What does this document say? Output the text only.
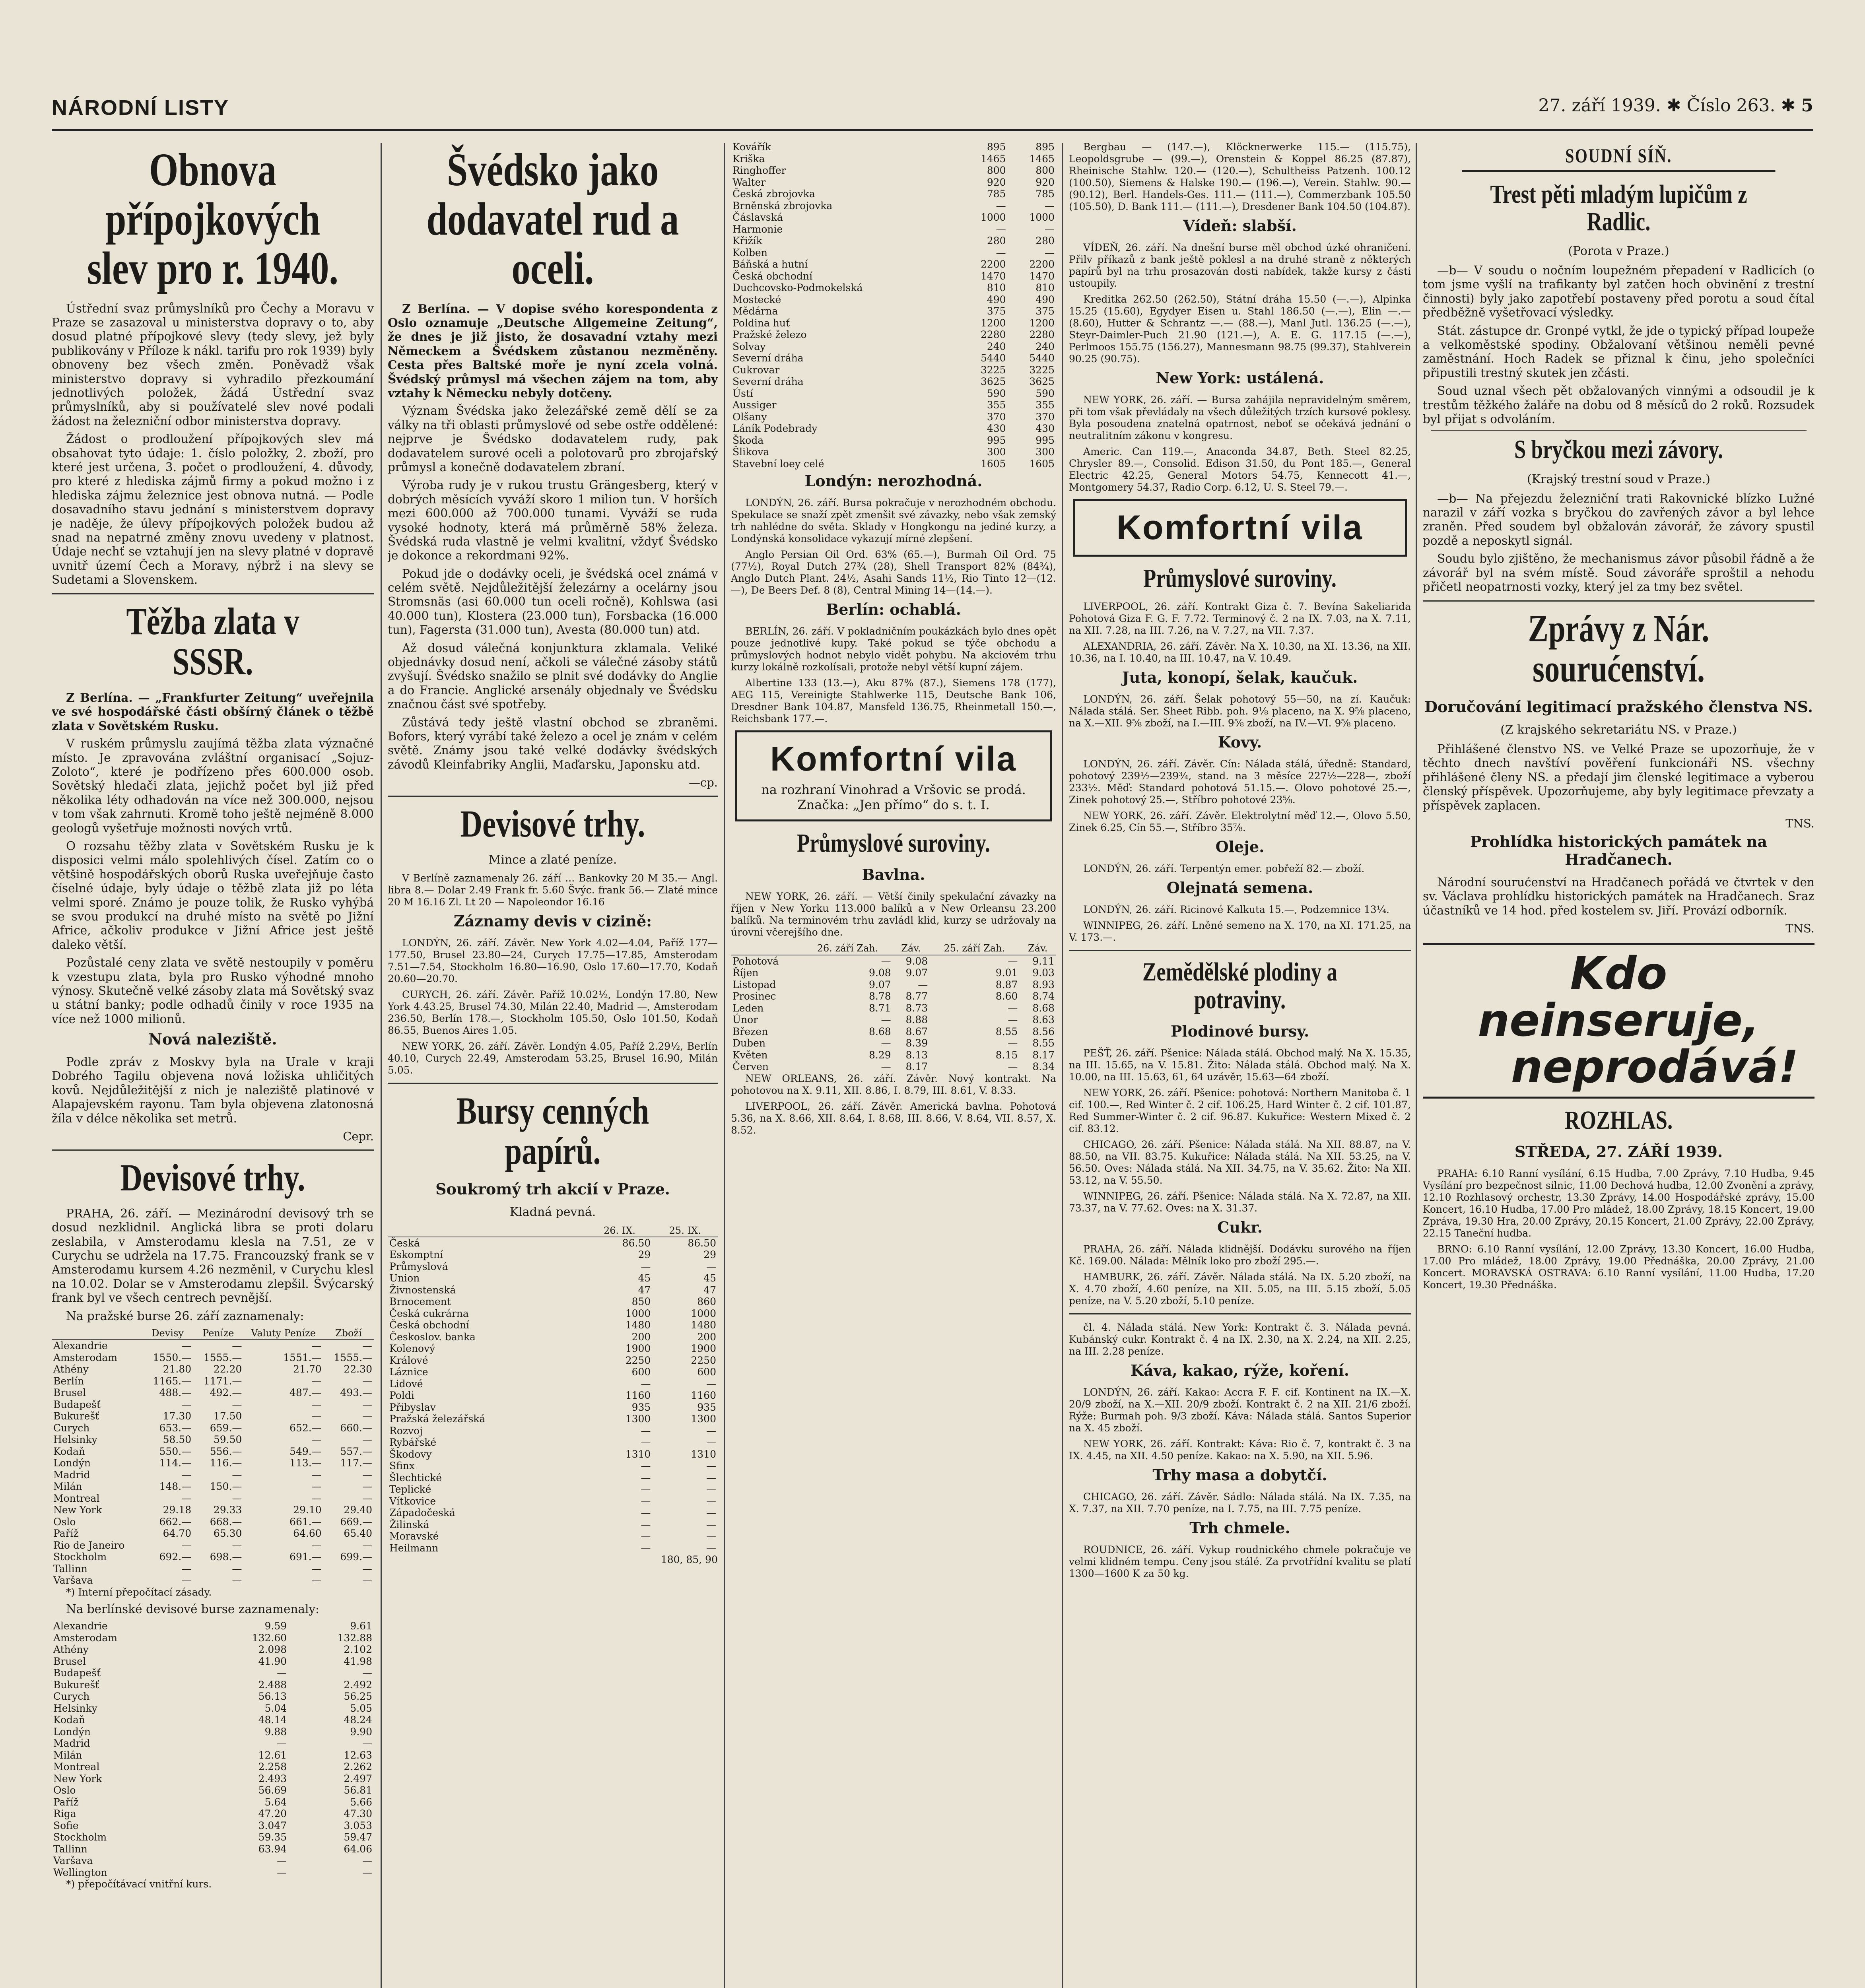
NÁRODNÍ LISTY	27. září 1939. ✱ Číslo 263. ✱ 5
Obnova přípojkových slev pro r. 1940.

Ústřední svaz průmyslníků pro Čechy a Moravu v Praze se zasazoval u ministerstva dopravy o to, aby dosud platné přípojkové slevy (tedy slevy, jež byly publikovány v Příloze k nákl. tarifu pro rok 1939) byly obnoveny bez všech změn. Poněvadž však ministerstvo dopravy si vyhradilo přezkoumání jednotlivých položek, žádá Ústřední svaz průmyslníků, aby si používatelé slev nové podali žádost na železniční odbor ministerstva dopravy.

Žádost o prodloužení přípojkových slev má obsahovat tyto údaje: 1. číslo položky, 2. zboží, pro které jest určena, 3. počet o prodloužení, 4. důvody, pro které z hlediska zájmů firmy a pokud možno i z hlediska zájmu železnice jest obnova nutná. — Podle dosavadního stavu jednání s ministerstvem dopravy je naděje, že úlevy přípojkových položek budou až snad na nepatrné změny znovu uvedeny v platnost. Údaje nechť se vztahují jen na slevy platné v dopravě uvnitř území Čech a Moravy, nýbrž i na slevy se Sudetami a Slovenskem.

Těžba zlata v SSSR.

Z Berlína. — „Frankfurter Zeitung“ uveřejnila ve své hospodářské části obšírný článek o těžbě zlata v Sovětském Rusku.

V ruském průmyslu zaujímá těžba zlata význačné místo. Je zpravována zvláštní organisací „Sojuz-Zoloto“, které je podřízeno přes 600.000 osob. Sovětský hledači zlata, jejichž počet byl již před několika léty odhadován na více než 300.000, nejsou v tom však zahrnuti. Kromě toho ještě nejméně 8.000 geologů vyšetřuje možnosti nových vrtů.

O rozsahu těžby zlata v Sovětském Rusku je k disposici velmi málo spolehlivých čísel. Zatím co o většině hospodářských oborů Ruska uveřejňuje často číselné údaje, byly údaje o těžbě zlata již po léta velmi sporé. Známo je pouze tolik, že Rusko vyhýbá se svou produkcí na druhé místo na světě po Jižní Africe, ačkoliv produkce v Jižní Africe jest ještě daleko větší.

Pozůstalé ceny zlata ve světě nestoupily v poměru k vzestupu zlata, byla pro Rusko výhodné mnoho výnosy. Skutečně velké zásoby zlata má Sovětský svaz u státní banky; podle odhadů činily v roce 1935 na více než 1000 milionů.

Nová naleziště.

Podle zpráv z Moskvy byla na Urale v kraji Dobrého Tagilu objevena nová ložiska uhličitých kovů. Nejdůležitější z nich je naleziště platinové v Alapajevském rayonu. Tam byla objevena zlatonosná žíla v délce několika set metrů.

Cepr.
Devisové trhy.

PRAHA, 26. září. — Mezinárodní devisový trh se dosud nezklidnil. Anglická libra se proti dolaru zeslabila, v Amsterodamu klesla na 7.51, ze v Curychu se udržela na 17.75. Francouzský frank se v Amsterodamu kursem 4.26 nezměnil, v Curychu klesl na 10.02. Dolar se v Amsterodamu zlepšil. Švýcarský frank byl ve všech centrech pevnější.

Na pražské burse 26. září zaznamenaly:

	Devisy	Peníze	Valuty Peníze	Zboží
Alexandrie	—	—	—	—
Amsterodam	1550.—	1555.—	1551.—	1555.—
Athény	21.80	22.20	21.70	22.30
Berlín	1165.—	1171.—	—	—
Brusel	488.—	492.—	487.—	493.—
Budapešť	—	—	—	—
Bukurešť	17.30	17.50	—	—
Curych	653.—	659.—	652.—	660.—
Helsinky	58.50	59.50	—	—
Kodaň	550.—	556.—	549.—	557.—
Londýn	114.—	116.—	113.—	117.—
Madrid	—	—	—	—
Milán	148.—	150.—	—	—
Montreal	—	—	—	—
New York	29.18	29.33	29.10	29.40
Oslo	662.—	668.—	661.—	669.—
Paříž	64.70	65.30	64.60	65.40
Rio de Janeiro	—	—	—	—
Stockholm	692.—	698.—	691.—	699.—
Tallinn	—	—	—	—
Varšava	—	—	—	—

*) Interní přepočítací zásady.

Na berlínské devisové burse zaznamenaly:

Alexandrie	9.59	9.61
Amsterodam	132.60	132.88
Athény	2.098	2.102
Brusel	41.90	41.98
Budapešť	—	—
Bukurešť	2.488	2.492
Curych	56.13	56.25
Helsinky	5.04	5.05
Kodaň	48.14	48.24
Londýn	9.88	9.90
Madrid	—	—
Milán	12.61	12.63
Montreal	2.258	2.262
New York	2.493	2.497
Oslo	56.69	56.81
Paříž	5.64	5.66
Riga	47.20	47.30
Sofie	3.047	3.053
Stockholm	59.35	59.47
Tallinn	63.94	64.06
Varšava	—	—
Wellington	—	—

*) přepočítávací vnitřní kurs.

Švédsko jako dodavatel rud a oceli.

Z Berlína. — V dopise svého korespondenta z Oslo oznamuje „Deutsche Allgemeine Zeitung“, že dnes je již jisto, že dosavadní vztahy mezi Německem a Švédskem zůstanou nezměněny. Cesta přes Baltské moře je nyní zcela volná. Švédský průmysl má všechen zájem na tom, aby vztahy k Německu nebyly dotčeny.

Význam Švédska jako železářské země dělí se za války na tři oblasti průmyslové od sebe ostře oddělené: nejprve je Švédsko dodavatelem rudy, pak dodavatelem surové oceli a polotovarů pro zbrojařský průmysl a konečně dodavatelem zbraní.

Výroba rudy je v rukou trustu Grängesberg, který v dobrých měsících vyváží skoro 1 milion tun. V horších mezi 600.000 až 700.000 tunami. Vyváží se ruda vysoké hodnoty, která má průměrně 58% železa. Švédská ruda vlastně je velmi kvalitní, vždyť Švédsko je dokonce a rekordmani 92%.

Pokud jde o dodávky oceli, je švédská ocel známá v celém světě. Nejdůležitější železárny a ocelárny jsou Stromsnäs (asi 60.000 tun oceli ročně), Kohlswa (asi 40.000 tun), Klostera (23.000 tun), Forsbacka (16.000 tun), Fagersta (31.000 tun), Avesta (80.000 tun) atd.

Až dosud válečná konjunktura zklamala. Veliké objednávky dosud není, ačkoli se válečné zásoby států zvyšují. Švédsko snažilo se plnit své dodávky do Anglie a do Francie. Anglické arsenály objednaly ve Švédsku značnou část své spotřeby.

Zůstává tedy ještě vlastní obchod se zbraněmi. Bofors, který vyrábí také železo a ocel je znám v celém světě. Známy jsou také velké dodávky švédských závodů Kleinfabriky Anglii, Maďarsku, Japonsku atd.

—cp.
Devisové trhy.
Mince a zlaté peníze.

V Berlíně zaznamenaly 26. září ... Bankovky 20 M 35.— Angl. libra 8.— Dolar 2.49 Frank fr. 5.60 Švýc. frank 56.— Zlaté mince 20 M 16.16 Zl. Lt 20 — Napoleondor 16.16

Záznamy devis v cizině:

LONDÝN, 26. září. Závěr. New York 4.02—4.04, Paříž 177—177.50, Brusel 23.80—24, Curych 17.75—17.85, Amsterodam 7.51—7.54, Stockholm 16.80—16.90, Oslo 17.60—17.70, Kodaň 20.60—20.70.

CURYCH, 26. září. Závěr. Paříž 10.02½, Londýn 17.80, New York 4.43.25, Brusel 74.30, Milán 22.40, Madrid —, Amsterodam 236.50, Berlín 178.—, Stockholm 105.50, Oslo 101.50, Kodaň 86.55, Buenos Aires 1.05.

NEW YORK, 26. září. Závěr. Londýn 4.05, Paříž 2.29½, Berlín 40.10, Curych 22.49, Amsterodam 53.25, Brusel 16.90, Milán 5.05.

Bursy cenných papírů.
Soukromý trh akcií v Praze.
Kladná pevná.
	26. IX.	25. IX.
Česká	86.50	86.50
Eskomptní	29	29
Průmyslová	—	—
Union	45	45
Živnostenská	47	47
Brnocement	850	860
Česká cukrárna	1000	1000
Česká obchodní	1480	1480
Českoslov. banka	200	200
Kolenový	1900	1900
Králové	2250	2250
Láznice	600	600
Lidové	—	—
Poldi	1160	1160
Přibyslav	935	935
Pražská železářská	1300	1300
Rozvoj	—	—
Rybářské	—	—
Škodovy	1310	1310
Sfinx	—	—
Šlechtické	—	—
Teplické	—	—
Vítkovice	—	—
Západočeská	—	—
Žilinská	—	—
Moravské	—	—
Heilmann	—	—
180, 85, 90
Kovářík	895	895
Kriška	1465	1465
Ringhoffer	800	800
Walter	920	920
Česká zbrojovka	785	785
Brněnská zbrojovka	—	—
Čáslavská	1000	1000
Harmonie	—	—
Křižík	280	280
Kolben	—	—
Báňská a hutní	2200	2200
Česká obchodní	1470	1470
Duchcovsko-Podmokelská	810	810
Mostecké	490	490
Mědárna	375	375
Poldina huť	1200	1200
Pražské železo	2280	2280
Solvay	240	240
Severní dráha	5440	5440
Cukrovar	3225	3225
Severní dráha	3625	3625
Ústí	590	590
Aussiger	355	355
Olšany	370	370
Láník Podebrady	430	430
Škoda	995	995
Šlikova	300	300
Stavební loey celé	1605	1605
Londýn: nerozhodná.

LONDÝN, 26. září. Bursa pokračuje v nerozhodném obchodu. Spekulace se snaží zpět zmenšit své závazky, nebo však zemský trh nahlédne do světa. Sklady v Hongkongu na jediné kurzy, a Londýnská konsolidace vykazují mírné zlepšení.

Anglo Persian Oil Ord. 63% (65.—), Burmah Oil Ord. 75 (77½), Royal Dutch 27¾ (28), Shell Transport 82% (84¾), Anglo Dutch Plant. 24½, Asahi Sands 11½, Rio Tinto 12—(12.—), De Beers Def. 8 (8), Central Mining 14—(14.—).

Berlín: ochablá.

BERLÍN, 26. září. V pokladničním poukázkách bylo dnes opět pouze jednotlivé kupy. Také pokud se týče obchodu a průmyslových hodnot nebylo vidět pohybu. Na akciovém trhu kurzy lokálně rozkolísali, protože nebyl větší kupní zájem.

Albertine 133 (13.—), Aku 87% (87.), Siemens 178 (177), AEG 115, Vereinigte Stahlwerke 115, Deutsche Bank 106, Dresdner Bank 104.87, Mansfeld 136.75, Rheinmetall 150.—, Reichsbank 177.—.

Komfortní vila
na rozhraní Vinohrad a Vršovic se prodá. Značka: „Jen přímo“ do s. t. I.
Průmyslové suroviny.
Bavlna.

NEW YORK, 26. září. — Větší činily spekulační závazky na říjen v New Yorku 113.000 balíků a v New Orleansu 23.200 balíků. Na terminovém trhu zavládl klid, kurzy se udržovaly na úrovni včerejšího dne.

	26. září Zah.	Záv.	25. září Zah.	Záv.
Pohotová	—	9.08	—	9.11
Říjen	9.08	9.07	9.01	9.03
Listopad	9.07	—	8.87	8.93
Prosinec	8.78	8.77	8.60	8.74
Leden	8.71	8.73	—	8.68
Únor	—	8.88	—	8.63
Březen	8.68	8.67	8.55	8.56
Duben	—	8.39	—	8.55
Květen	8.29	8.13	8.15	8.17
Červen	—	8.17	—	8.34

NEW ORLEANS, 26. září. Závěr. Nový kontrakt. Na pohotovou na X. 9.11, XII. 8.86, I. 8.79, III. 8.61, V. 8.33.

LIVERPOOL, 26. září. Závěr. Americká bavlna. Pohotová 5.36, na X. 8.66, XII. 8.64, I. 8.68, III. 8.66, V. 8.64, VII. 8.57, X. 8.52.

Bergbau — (147.—), Klöcknerwerke 115.— (115.75), Leopoldsgrube — (99.—), Orenstein & Koppel 86.25 (87.87), Rheinische Stahlw. 120.— (120.—), Schultheiss Patzenh. 100.12 (100.50), Siemens & Halske 190.— (196.—), Verein. Stahlw. 90.— (90.12), Berl. Handels-Ges. 111.— (111.—), Commerzbank 105.50 (105.50), D. Bank 111.— (111.—), Dresdener Bank 104.50 (104.87).

Vídeň: slabší.

VÍDEŇ, 26. září. Na dnešní burse měl obchod úzké ohraničení. Přilv příkazů z bank ještě poklesl a na druhé straně z některých papírů byl na trhu prosazován dosti nabídek, takže kursy z části ustoupily.

Kreditka 262.50 (262.50), Státní dráha 15.50 (—.—), Alpinka 15.25 (15.60), Egydyer Eisen u. Stahl 186.50 (—.—), Elin —.— (8.60), Hutter & Schrantz —.— (88.—), Manl Jutl. 136.25 (—.—), Steyr-Daimler-Puch 21.90 (121.—), A. E. G. 117.15 (—.—), Perlmoos 155.75 (156.27), Mannesmann 98.75 (99.37), Stahlverein 90.25 (90.75).

New York: ustálená.

NEW YORK, 26. září. — Bursa zahájila nepravidelným směrem, při tom však převládaly na všech důležitých trzích kursové poklesy. Byla posoudena znatelná opatrnost, neboť se očekává jednání o neutralitním zákonu v kongresu.

Americ. Can 119.—, Anaconda 34.87, Beth. Steel 82.25, Chrysler 89.—, Consolid. Edison 31.50, du Pont 185.—, General Electric 42.25, General Motors 54.75, Kennecott 41.—, Montgomery 54.37, Radio Corp. 6.12, U. S. Steel 79.—.

Komfortní vila
Průmyslové suroviny.

LIVERPOOL, 26. září. Kontrakt Giza č. 7. Bevína Sakeliarida Pohotová Giza F. G. F. 7.72. Terminový č. 2 na IX. 7.03, na X. 7.11, na XII. 7.28, na III. 7.26, na V. 7.27, na VII. 7.37.

ALEXANDRIA, 26. září. Závěr. Na X. 10.30, na XI. 13.36, na XII. 10.36, na I. 10.40, na III. 10.47, na V. 10.49.

Juta, konopí, šelak, kaučuk.

LONDÝN, 26. září. Šelak pohotový 55—50, na zí. Kaučuk: Nálada stálá. Ser. Sheet Ribb. poh. 9⅛ placeno, na X. 9⅝ placeno, na X.—XII. 9⅝ zboží, na I.—III. 9⅝ zboží, na IV.—VI. 9⅝ placeno.

Kovy.

LONDÝN, 26. září. Závěr. Cín: Nálada stálá, úředně: Standard, pohotový 239½—239¾, stand. na 3 měsíce 227½—228—, zboží 233½. Měď: Standard pohotová 51.15.—. Olovo pohotové 25.—, Zinek pohotový 25.—, Stříbro pohotové 23⅝.

NEW YORK, 26. září. Závěr. Elektrolytní měď 12.—, Olovo 5.50, Zinek 6.25, Cín 55.—, Stříbro 35⅞.

Oleje.

LONDÝN, 26. září. Terpentýn emer. pobřeží 82.— zboží.

Olejnatá semena.

LONDÝN, 26. září. Ricinové Kalkuta 15.—, Podzemnice 13¼.

WINNIPEG, 26. září. Lněné semeno na X. 170, na XI. 171.25, na V. 173.—.

Zemědělské plodiny a potraviny.
Plodinové bursy.

PEŠŤ, 26. září. Pšenice: Nálada stálá. Obchod malý. Na X. 15.35, na III. 15.65, na V. 15.81. Žito: Nálada stálá. Obchod malý. Na X. 10.00, na III. 15.63, 61, 64 uzávěr, 15.63—64 zboží.

NEW YORK, 26. září. Pšenice: pohotová: Northern Manitoba č. 1 cif. 100.—, Red Winter č. 2 cif. 106.25, Hard Winter č. 2 cif. 101.87, Red Summer-Winter č. 2 cif. 96.87. Kukuřice: Western Mixed č. 2 cif. 83.12.

CHICAGO, 26. září. Pšenice: Nálada stálá. Na XII. 88.87, na V. 88.50, na VII. 83.75. Kukuřice: Nálada stálá. Na XII. 53.25, na V. 56.50. Oves: Nálada stálá. Na XII. 34.75, na V. 35.62. Žito: Na XII. 53.12, na V. 55.50.

WINNIPEG, 26. září. Pšenice: Nálada stálá. Na X. 72.87, na XII. 73.37, na V. 77.62. Oves: na X. 31.37.

Cukr.

PRAHA, 26. září. Nálada klidnější. Dodávku surového na říjen Kč. 169.00. Nálada: Mělník loko pro zboží 295.—.

HAMBURK, 26. září. Závěr. Nálada stálá. Na IX. 5.20 zboží, na X. 4.70 zboží, 4.60 peníze, na XII. 5.05, na III. 5.15 zboží, 5.05 peníze, na V. 5.20 zboží, 5.10 peníze.

čl. 4. Nálada stálá. New York: Kontrakt č. 3. Nálada pevná. Kubánský cukr. Kontrakt č. 4 na IX. 2.30, na X. 2.24, na XII. 2.25, na III. 2.28 peníze.

Káva, kakao, rýže, koření.

LONDÝN, 26. září. Kakao: Accra F. F. cif. Kontinent na IX.—X. 20/9 zboží, na X.—XII. 20/9 zboží. Kontrakt č. 2 na XII. 21/6 zboží. Rýže: Burmah poh. 9/3 zboží. Káva: Nálada stálá. Santos Superior na X. 45 zboží.

NEW YORK, 26. září. Kontrakt: Káva: Rio č. 7, kontrakt č. 3 na IX. 4.45, na XII. 4.50 peníze. Kakao: na X. 5.90, na XII. 5.96.

Trhy masa a dobytčí.

CHICAGO, 26. září. Závěr. Sádlo: Nálada stálá. Na IX. 7.35, na X. 7.37, na XII. 7.70 peníze, na I. 7.75, na III. 7.75 peníze.

Trh chmele.

ROUDNICE, 26. září. Vykup roudnického chmele pokračuje ve velmi klidném tempu. Ceny jsou stálé. Za prvotřídní kvalitu se platí 1300—1600 K za 50 kg.

SOUDNÍ SÍŇ.
Trest pěti mladým lupičům z Radlic.
(Porota v Praze.)

—b— V soudu o nočním loupežném přepadení v Radlicích (o tom jsme vyšlí na trafikanty byl zatčen hoch obvinění z trestní činnosti) byly jako zapotřebí postaveny před porotu a soud čítal předběžně vyšetřovací výsledky.

Stát. zástupce dr. Gronpé vytkl, že jde o typický případ loupeže a velkoměstské spodiny. Obžalovaní většinou neměli pevné zaměstnání. Hoch Radek se přiznal k činu, jeho společníci připustili trestný skutek jen zčásti.

Soud uznal všech pět obžalovaných vinnými a odsoudil je k trestům těžkého žaláře na dobu od 8 měsíců do 2 roků. Rozsudek byl přijat s odvoláním.

S bryčkou mezi závory.
(Krajský trestní soud v Praze.)

—b— Na přejezdu železniční trati Rakovnické blízko Lužné narazil v září vozka s bryčkou do zavřených závor a byl lehce zraněn. Před soudem byl obžalován závorář, že závory spustil pozdě a neposkytl signál.

Soudu bylo zjištěno, že mechanismus závor působil řádně a že závorář byl na svém místě. Soud závoráře sproštil a nehodu přičetl neopatrnosti vozky, který jel za tmy bez světel.

Zprávy z Nár. sourućenství.
Doručování legitimací pražského členstva NS.
(Z krajského sekretariátu NS. v Praze.)

Přihlášené členstvo NS. ve Velké Praze se upozorňuje, že v těchto dnech navštíví pověření funkcionáři NS. všechny přihlášené členy NS. a předají jim členské legitimace a vyberou členský příspěvek. Upozorňujeme, aby byly legitimace převzaty a příspěvek zaplacen.

TNS.
Prohlídka historických památek na Hradčanech.

Národní sourućenství na Hradčanech pořádá ve čtvrtek v den sv. Václava prohlídku historických památek na Hradčanech. Sraz účastníků ve 14 hod. před kostelem sv. Jiří. Provází odborník.

TNS.
Kdo neinseruje,
neprodává!
ROZHLAS.
STŘEDA, 27. ZÁŘÍ 1939.

PRAHA: 6.10 Ranní vysílání, 6.15 Hudba, 7.00 Zprávy, 7.10 Hudba, 9.45 Vysílání pro bezpečnost silnic, 11.00 Dechová hudba, 12.00 Zvonění a zprávy, 12.10 Rozhlasový orchestr, 13.30 Zprávy, 14.00 Hospodářské zprávy, 15.00 Koncert, 16.10 Hudba, 17.00 Pro mládež, 18.00 Zprávy, 18.15 Koncert, 19.00 Zpráva, 19.30 Hra, 20.00 Zprávy, 20.15 Koncert, 21.00 Zprávy, 22.00 Zprávy, 22.15 Taneční hudba.

BRNO: 6.10 Ranní vysílání, 12.00 Zprávy, 13.30 Koncert, 16.00 Hudba, 17.00 Pro mládež, 18.00 Zprávy, 19.00 Přednáška, 20.00 Zprávy, 21.00 Koncert. MORAVSKÁ OSTRAVA: 6.10 Ranní vysílání, 11.00 Hudba, 17.20 Koncert, 19.30 Přednáška.
